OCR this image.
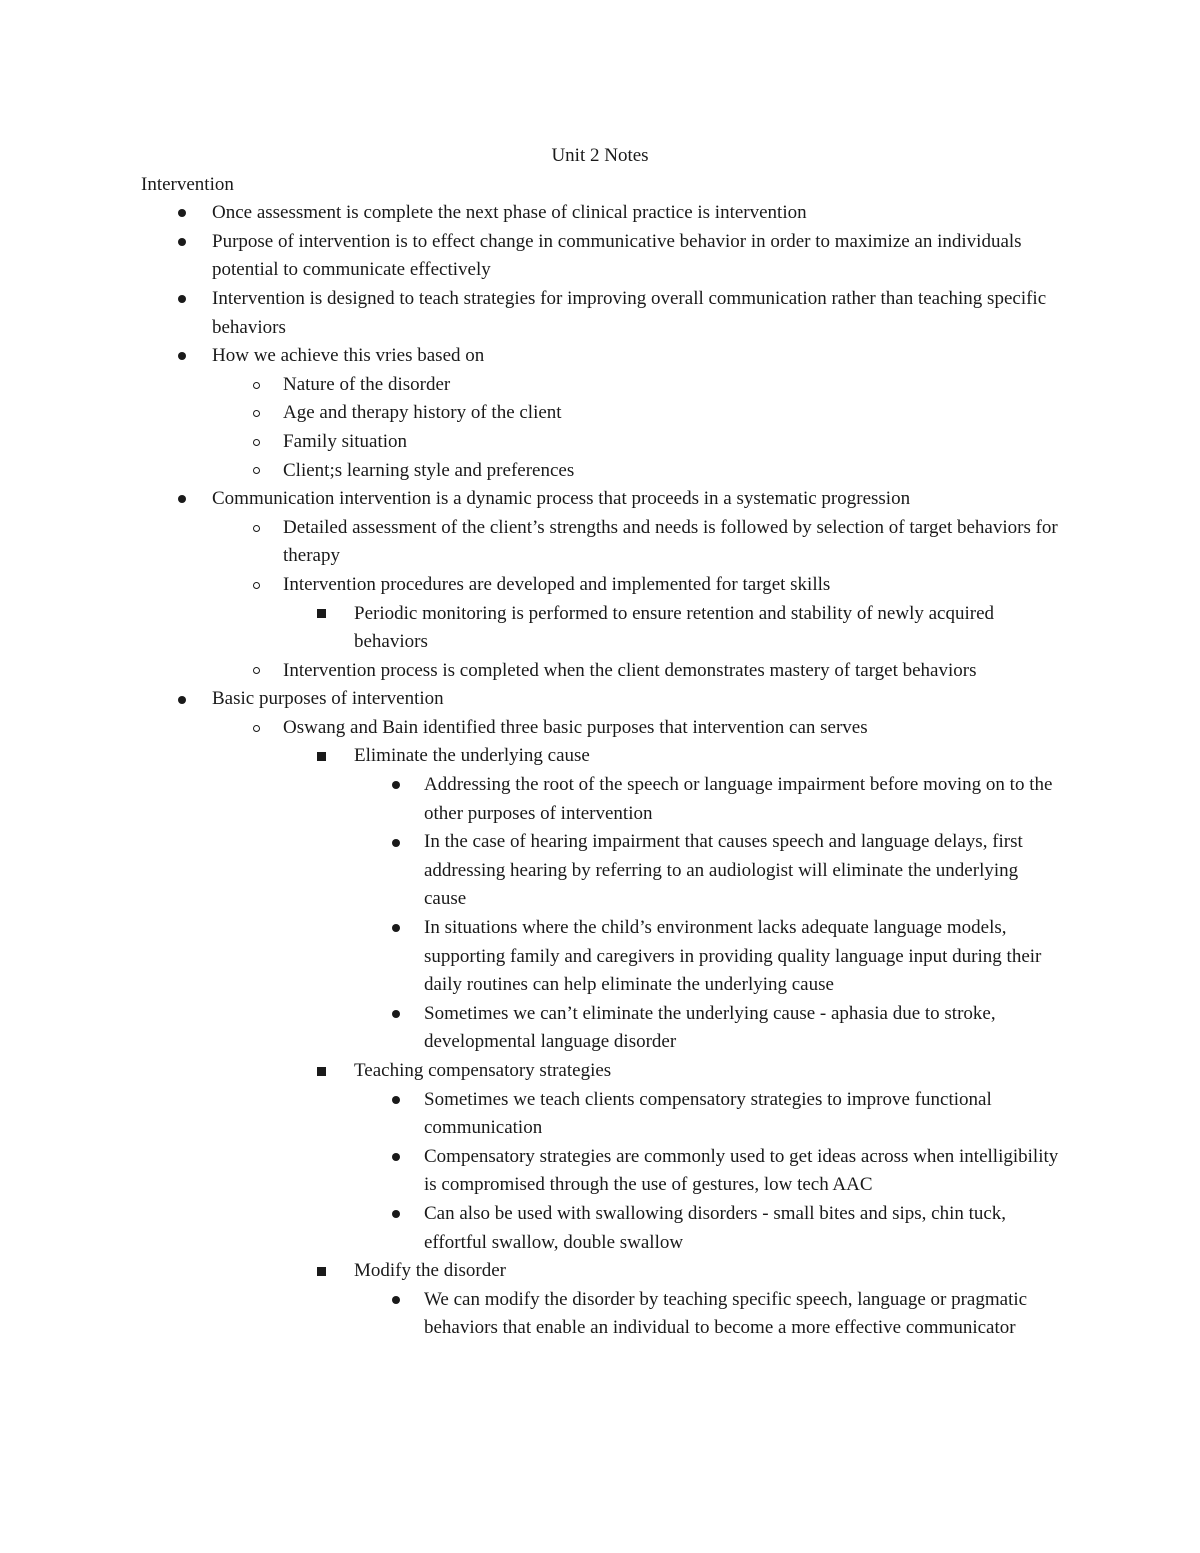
Unit 2 Notes
Intervention
Once assessment is complete the next phase of clinical practice is intervention
Purpose of intervention is to effect change in communicative behavior in order to maximize an individuals potential to communicate effectively
Intervention is designed to teach strategies for improving overall communication rather than teaching specific behaviors
How we achieve this vries based on
Nature of the disorder
Age and therapy history of the client
Family situation
Client;s learning style and preferences
Communication intervention is a dynamic process that proceeds in a systematic progression
Detailed assessment of the client’s strengths and needs is followed by selection of target behaviors for therapy
Intervention procedures are developed and implemented for target skills
Periodic monitoring is performed to ensure retention and stability of newly acquired behaviors
Intervention process is completed when the client demonstrates mastery of target behaviors
Basic purposes of intervention
Oswang and Bain identified three basic purposes that intervention can serves
Eliminate the underlying cause
Addressing the root of the speech or language impairment before moving on to the other purposes of intervention
In the case of hearing impairment that causes speech and language delays, first addressing hearing by referring to an audiologist will eliminate the underlying cause
In situations where the child’s environment lacks adequate language models, supporting family and caregivers in providing quality language input during their daily routines can help eliminate the underlying cause
Sometimes we can’t eliminate the underlying cause - aphasia due to stroke, developmental language disorder
Teaching compensatory strategies
Sometimes we teach clients compensatory strategies to improve functional communication
Compensatory strategies are commonly used to get ideas across when intelligibility is compromised through the use of gestures, low tech AAC
Can also be used with swallowing disorders - small bites and sips, chin tuck, effortful swallow, double swallow
Modify the disorder
We can modify the disorder by teaching specific speech, language or pragmatic behaviors that enable an individual to become a more effective communicator
